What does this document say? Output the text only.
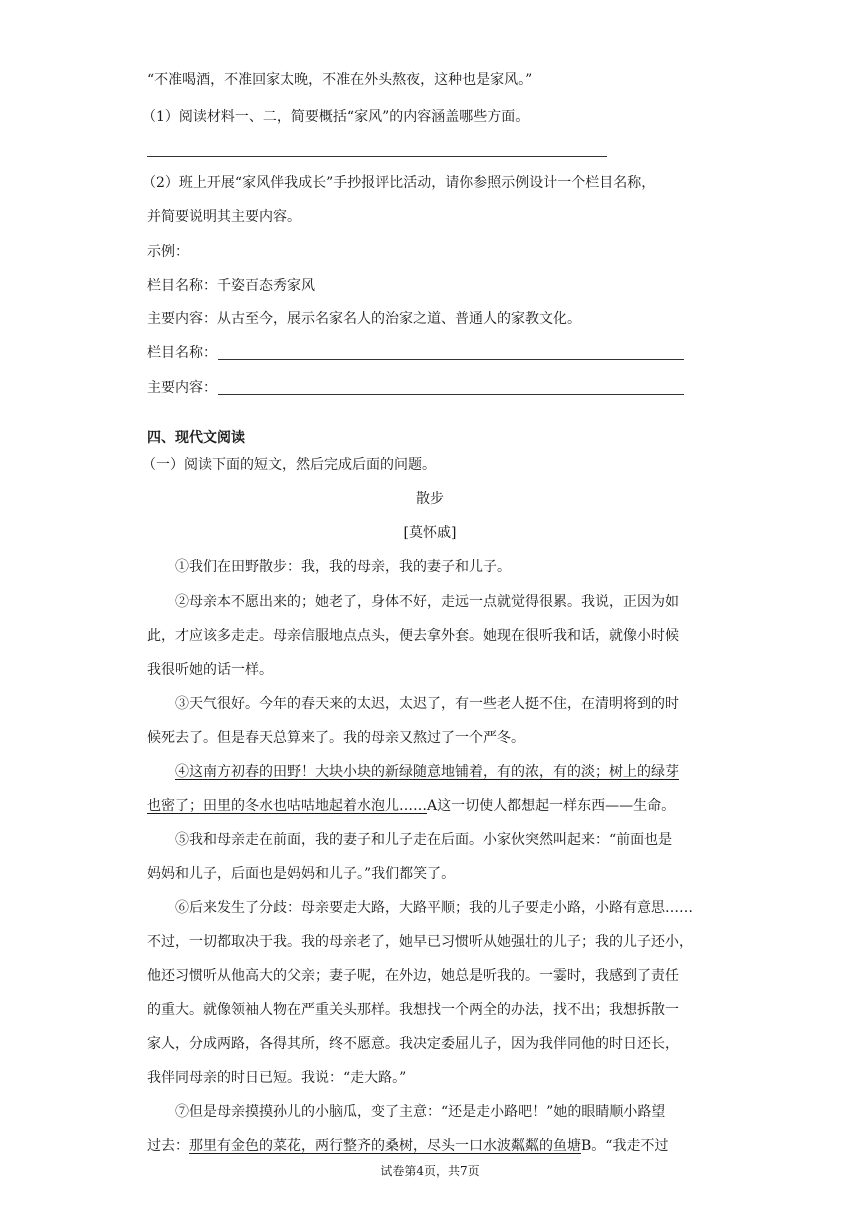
“不准喝酒，不准回家太晚，不准在外头熬夜，这种也是家风。”
（1）阅读材料一、二，简要概括“家风”的内容涵盖哪些方面。
（2）班上开展“家风伴我成长”手抄报评比活动，请你参照示例设计一个栏目名称，
并简要说明其主要内容。
示例：
栏目名称：千姿百态秀家风
主要内容：从古至今，展示名家名人的治家之道、普通人的家教文化。
栏目名称：
主要内容：
四、现代文阅读
（一）阅读下面的短文，然后完成后面的问题。
散步
[莫怀戚]
①我们在田野散步：我，我的母亲，我的妻子和儿子。
②母亲本不愿出来的；她老了，身体不好，走远一点就觉得很累。我说，正因为如
此，才应该多走走。母亲信服地点点头，便去拿外套。她现在很听我和话，就像小时候
我很听她的话一样。
③天气很好。今年的春天来的太迟，太迟了，有一些老人挺不住，在清明将到的时
候死去了。但是春天总算来了。我的母亲又熬过了一个严冬。
④这南方初春的田野！大块小块的新绿随意地铺着，有的浓，有的淡；树上的绿芽
也密了；田里的冬水也咕咕地起着水泡儿……A这一切使人都想起一样东西——生命。
⑤我和母亲走在前面，我的妻子和儿子走在后面。小家伙突然叫起来：“前面也是
妈妈和儿子，后面也是妈妈和儿子。”我们都笑了。
⑥后来发生了分歧：母亲要走大路，大路平顺；我的儿子要走小路，小路有意思……
不过，一切都取决于我。我的母亲老了，她早已习惯听从她强壮的儿子；我的儿子还小，
他还习惯听从他高大的父亲；妻子呢，在外边，她总是听我的。一霎时，我感到了责任
的重大。就像领袖人物在严重关头那样。我想找一个两全的办法，找不出；我想拆散一
家人，分成两路，各得其所，终不愿意。我决定委屈儿子，因为我伴同他的时日还长，
我伴同母亲的时日已短。我说：“走大路。”
⑦但是母亲摸摸孙儿的小脑瓜，变了主意：“还是走小路吧！”她的眼睛顺小路望
过去：那里有金色的菜花，两行整齐的桑树，尽头一口水波粼粼的鱼塘B。“我走不过
试卷第4页，共7页
